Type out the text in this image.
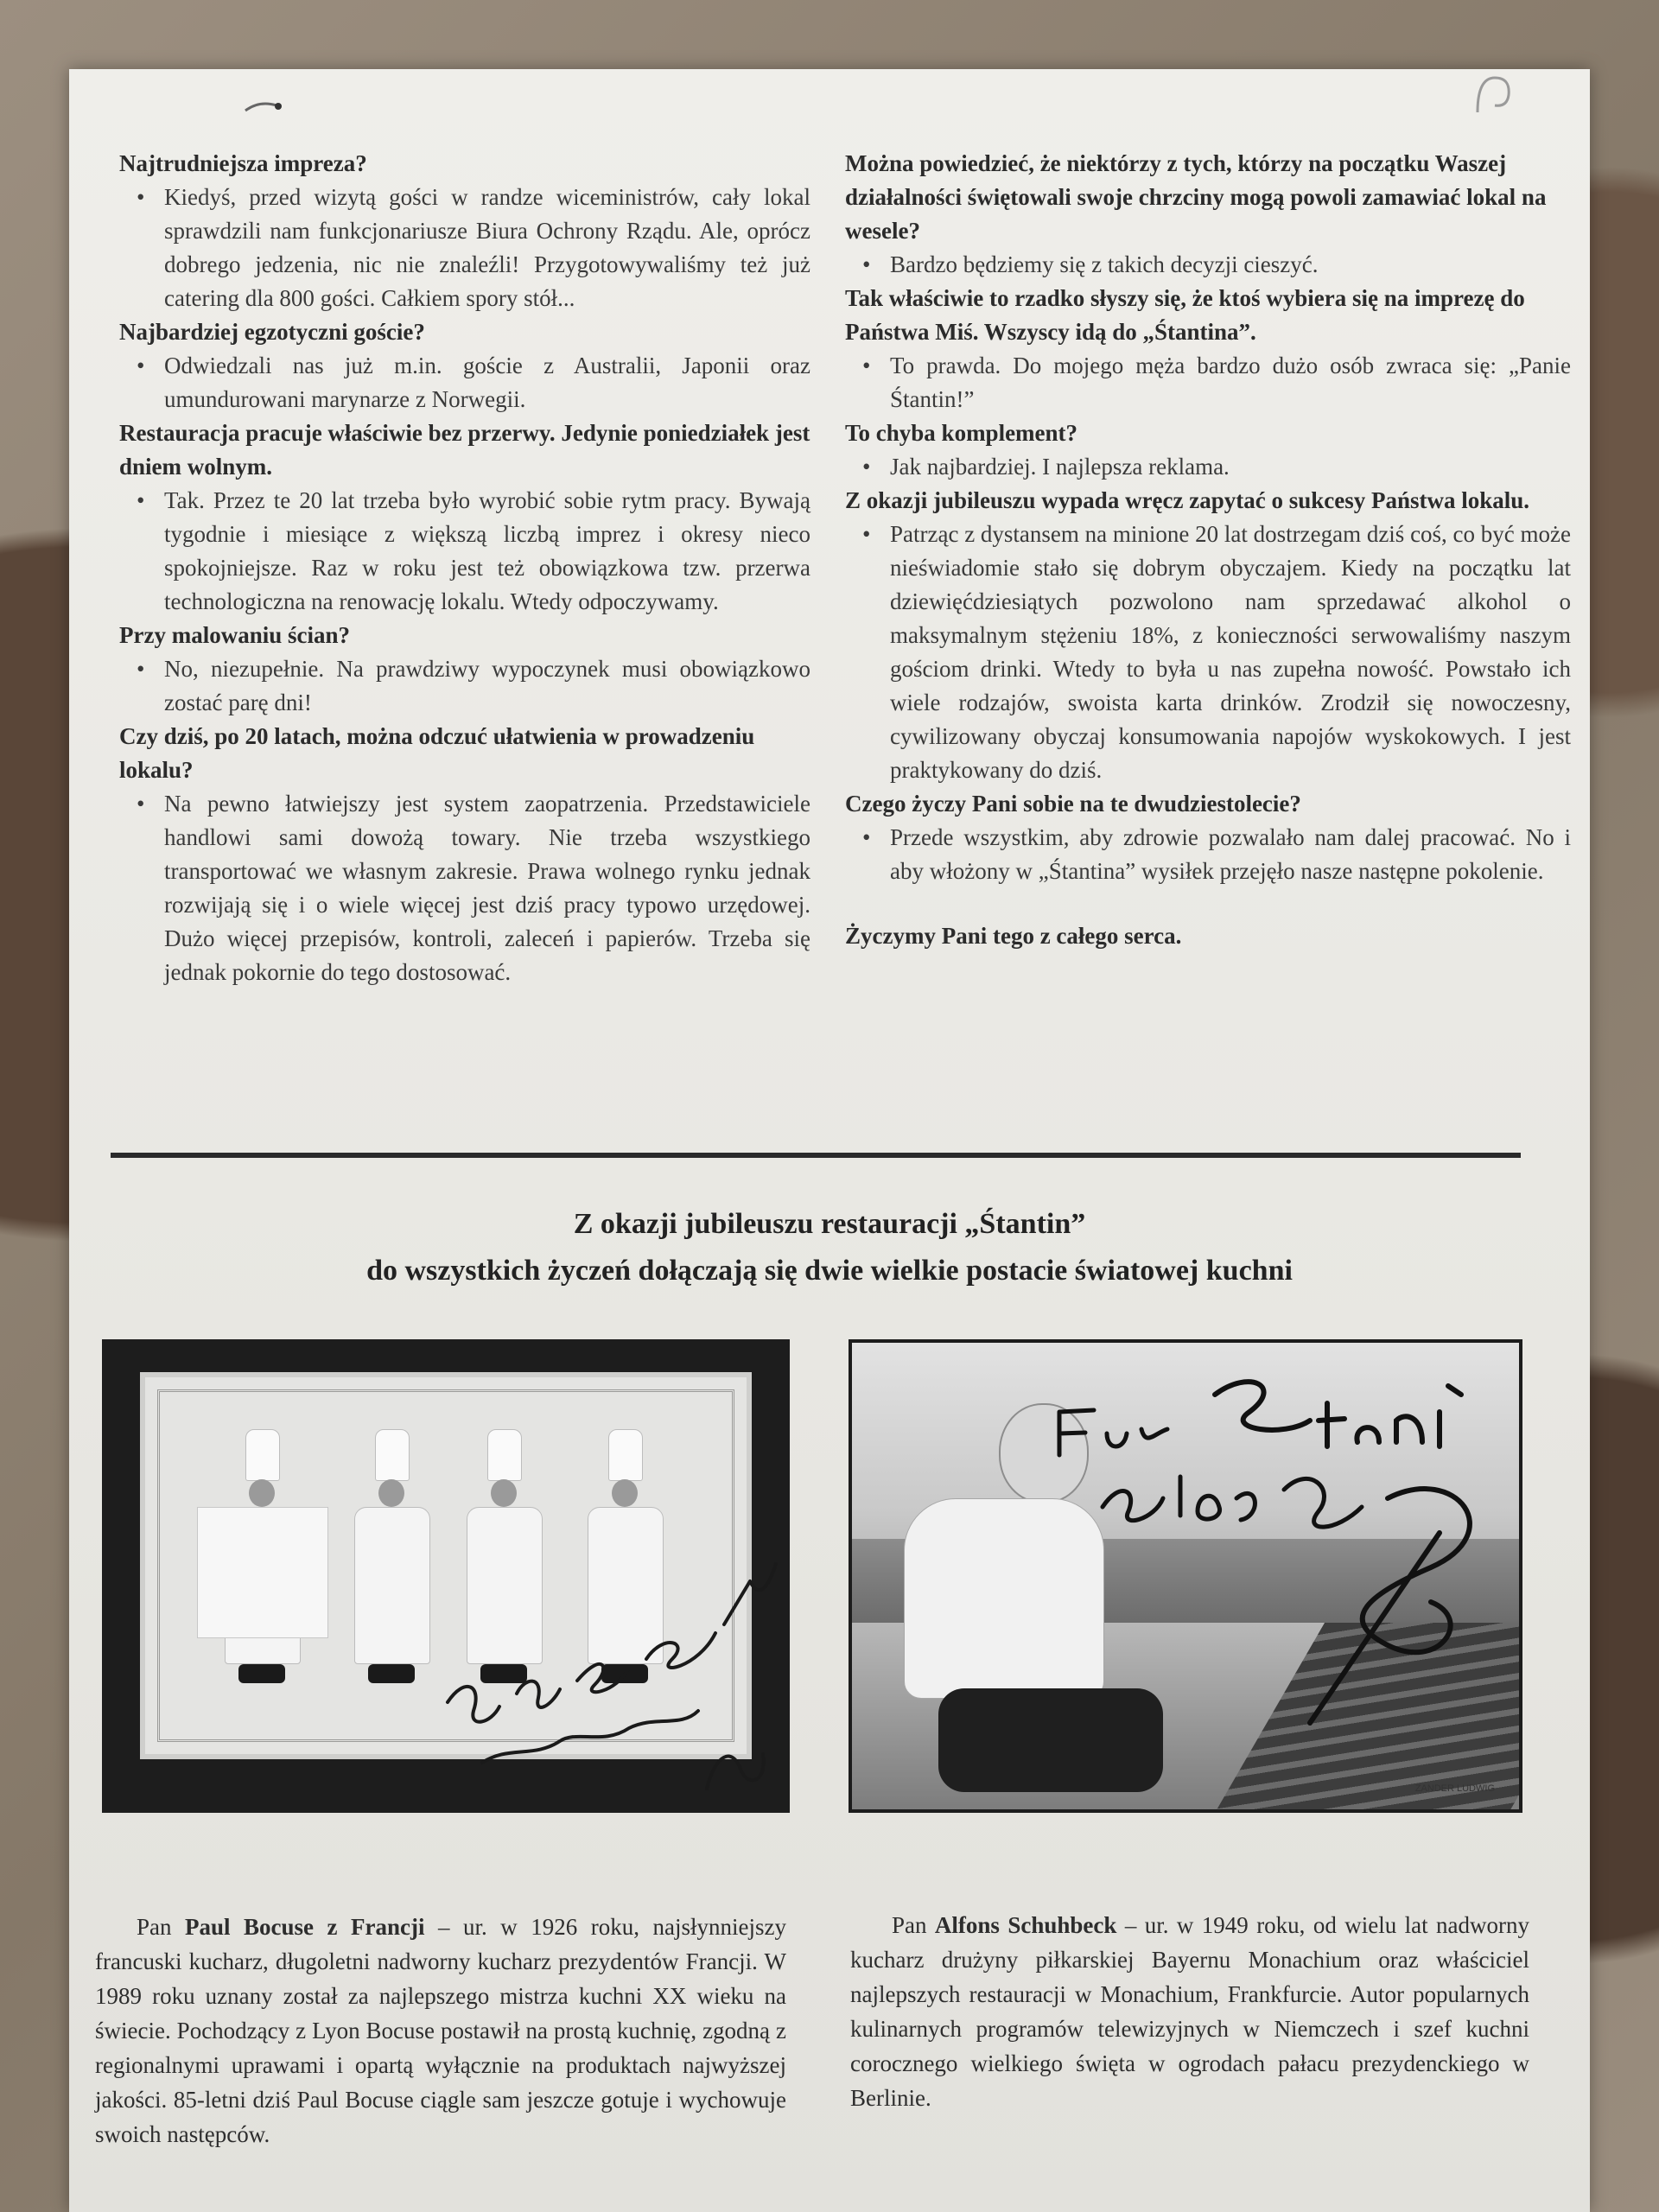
Najtrudniejsza impreza?

• Kiedyś, przed wizytą gości w randze wiceministrów, cały lokal sprawdzili nam funkcjonariusze Biura Ochrony Rządu. Ale, oprócz dobrego jedzenia, nic nie znaleźli! Przygotowywaliśmy też już catering dla 800 gości. Całkiem spory stół...

Najbardziej egzotyczni goście?

• Odwiedzali nas już m.in. goście z Australii, Japonii oraz umundurowani marynarze z Norwegii.

Restauracja pracuje właściwie bez przerwy. Jedynie poniedziałek jest dniem wolnym.

• Tak. Przez te 20 lat trzeba było wyrobić sobie rytm pracy. Bywają tygodnie i miesiące z większą liczbą imprez i okresy nieco spokojniejsze. Raz w roku jest też obowiązkowa tzw. przerwa technologiczna na renowację lokalu. Wtedy odpoczywamy.

Przy malowaniu ścian?

• No, niezupełnie. Na prawdziwy wypoczynek musi obowiązkowo zostać parę dni!

Czy dziś, po 20 latach, można odczuć ułatwienia w prowadzeniu lokalu?

• Na pewno łatwiejszy jest system zaopatrzenia. Przedstawiciele handlowi sami dowożą towary. Nie trzeba wszystkiego transportować we własnym zakresie. Prawa wolnego rynku jednak rozwijają się i o wiele więcej jest dziś pracy typowo urzędowej. Dużo więcej przepisów, kontroli, zaleceń i papierów. Trzeba się jednak pokornie do tego dostosować.

Można powiedzieć, że niektórzy z tych, którzy na początku Waszej działalności świętowali swoje chrzciny mogą powoli zamawiać lokal na wesele?

• Bardzo będziemy się z takich decyzji cieszyć.

Tak właściwie to rzadko słyszy się, że ktoś wybiera się na imprezę do Państwa Miś. Wszyscy idą do „Śtantina”.

• To prawda. Do mojego męża bardzo dużo osób zwraca się: „Panie Śtantin!”

To chyba komplement?

• Jak najbardziej. I najlepsza reklama.

Z okazji jubileuszu wypada wręcz zapytać o sukcesy Państwa lokalu.

• Patrząc z dystansem na minione 20 lat dostrzegam dziś coś, co być może nieświadomie stało się dobrym obyczajem. Kiedy na początku lat dziewięćdziesiątych pozwolono nam sprzedawać alkohol o maksymalnym stężeniu 18%, z konieczności serwowaliśmy naszym gościom drinki. Wtedy to była u nas zupełna nowość. Powstało ich wiele rodzajów, swoista karta drinków. Zrodził się nowoczesny, cywilizowany obyczaj konsumowania napojów wyskokowych. I jest praktykowany do dziś.

Czego życzy Pani sobie na te dwudziestolecie?

• Przede wszystkim, aby zdrowie pozwalało nam dalej pracować. No i aby włożony w „Śtantina” wysiłek przejęło nasze następne pokolenie.

Życzymy Pani tego z całego serca.

Z okazji jubileuszu restauracji „Śtantin”
do wszystkich życzeń dołączają się dwie wielkie postacie światowej kuchni
ZANDER LUDWIG
Pan Paul Bocuse z Francji – ur. w 1926 roku, najsłynniejszy francuski kucharz, długoletni nadworny kucharz prezydentów Francji. W 1989 roku uznany został za najlepszego mistrza kuchni XX wieku na świecie. Pochodzący z Lyon Bocuse postawił na prostą kuchnię, zgodną z regionalnymi uprawami i opartą wyłącznie na produktach najwyższej jakości. 85-letni dziś Paul Bocuse ciągle sam jeszcze gotuje i wychowuje swoich następców.
Pan Alfons Schuhbeck – ur. w 1949 roku, od wielu lat nadworny kucharz drużyny piłkarskiej Bayernu Monachium oraz właściciel najlepszych restauracji w Monachium, Frankfurcie. Autor popularnych kulinarnych programów telewizyjnych w Niemczech i szef kuchni corocznego wielkiego święta w ogrodach pałacu prezydenckiego w Berlinie.
